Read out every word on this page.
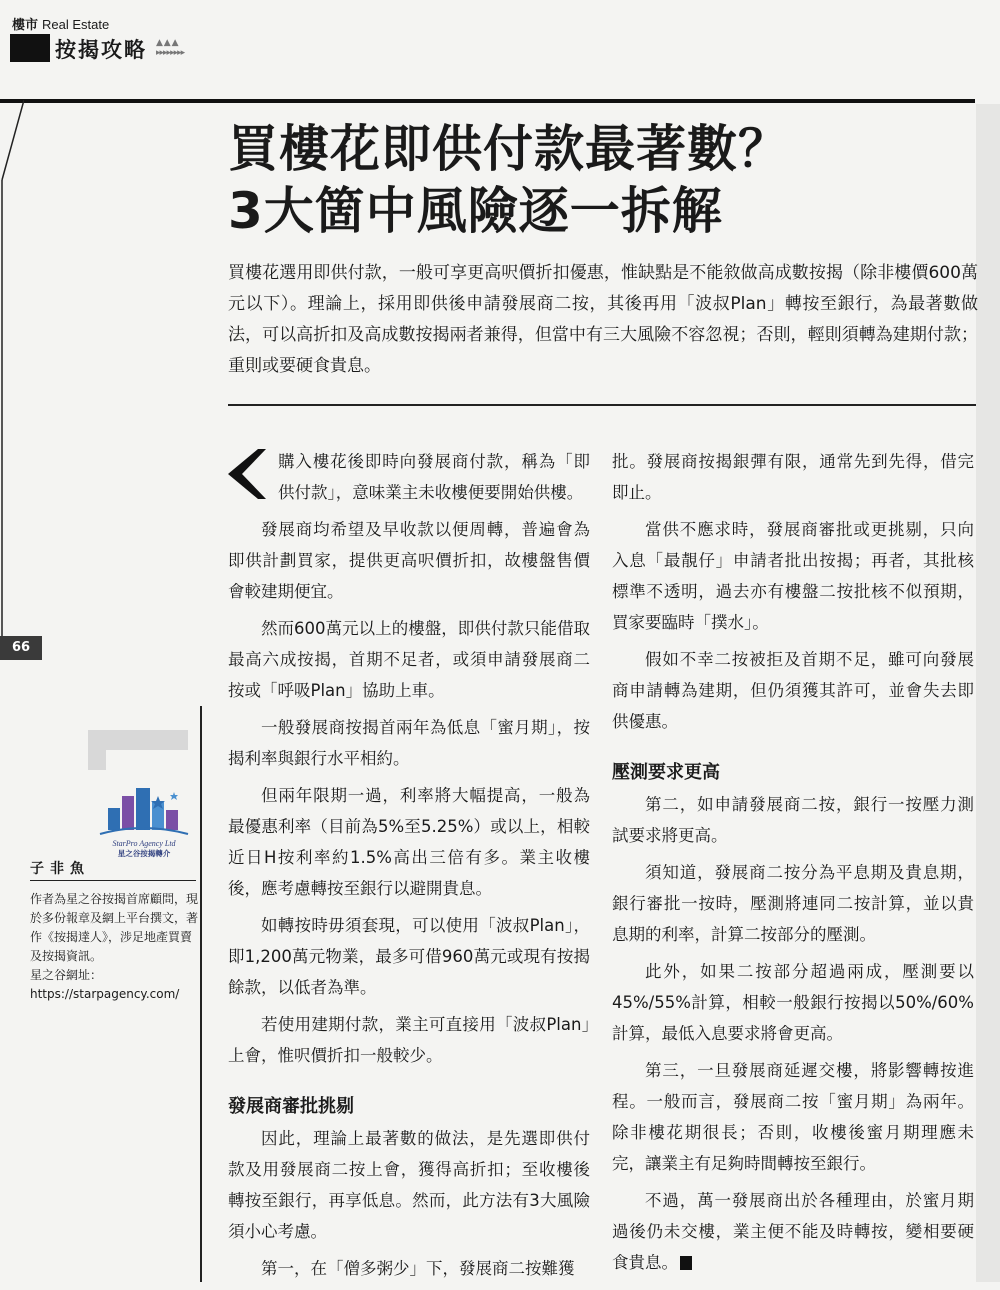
樓市 Real Estate
按揭攻略 ▲ ▲ ▲
▸▸▸▸▸▸▸▸
買樓花即供付款最著數？
3大箇中風險逐一拆解
買樓花選用即供付款，一般可享更高呎價折扣優惠，惟缺點是不能敘做高成數按揭（除非樓價600萬元以下）。理論上，採用即供後申請發展商二按，其後再用「波叔Plan」轉按至銀行，為最著數做法，可以高折扣及高成數按揭兩者兼得，但當中有三大風險不容忽視；否則，輕則須轉為建期付款；重則或要硬食貴息。
66
StarPro Agency Ltd
星之谷按揭轉介
子非魚
作者為星之谷按揭首席顧問，現於多份報章及網上平台撰文，著作《按揭達人》，涉足地產買賣及按揭資訊。
星之谷網址：
https://starpagency.com/

購入樓花後即時向發展商付款，稱為「即供付款」，意味業主未收樓便要開始供樓。

發展商均希望及早收款以便周轉，普遍會為即供計劃買家，提供更高呎價折扣，故樓盤售價會較建期便宜。

然而600萬元以上的樓盤，即供付款只能借取最高六成按揭，首期不足者，或須申請發展商二按或「呼吸Plan」協助上車。

一般發展商按揭首兩年為低息「蜜月期」，按揭利率與銀行水平相約。

但兩年限期一過，利率將大幅提高，一般為最優惠利率（目前為5%至5.25%）或以上，相較近日H按利率約1.5%高出三倍有多。業主收樓後，應考慮轉按至銀行以避開貴息。

如轉按時毋須套現，可以使用「波叔Plan」，即1,200萬元物業，最多可借960萬元或現有按揭餘款，以低者為準。

若使用建期付款，業主可直接用「波叔Plan」上會，惟呎價折扣一般較少。

發展商審批挑剔

因此，理論上最著數的做法，是先選即供付款及用發展商二按上會，獲得高折扣；至收樓後轉按至銀行，再享低息。然而，此方法有3大風險須小心考慮。

第一，在「僧多粥少」下，發展商二按難獲

批。發展商按揭銀彈有限，通常先到先得，借完即止。

當供不應求時，發展商審批或更挑剔，只向入息「最靚仔」申請者批出按揭；再者，其批核標準不透明，過去亦有樓盤二按批核不似預期，買家要臨時「撲水」。

假如不幸二按被拒及首期不足，雖可向發展商申請轉為建期，但仍須獲其許可，並會失去即供優惠。

壓測要求更高

第二，如申請發展商二按，銀行一按壓力測試要求將更高。

須知道，發展商二按分為平息期及貴息期，銀行審批一按時，壓測將連同二按計算，並以貴息期的利率，計算二按部分的壓測。

此外，如果二按部分超過兩成，壓測要以45%/55%計算，相較一般銀行按揭以50%/60%計算，最低入息要求將會更高。

第三，一旦發展商延遲交樓，將影響轉按進程。一般而言，發展商二按「蜜月期」為兩年。除非樓花期很長；否則，收樓後蜜月期理應未完，讓業主有足夠時間轉按至銀行。

不過，萬一發展商出於各種理由，於蜜月期過後仍未交樓，業主便不能及時轉按，變相要硬食貴息。
